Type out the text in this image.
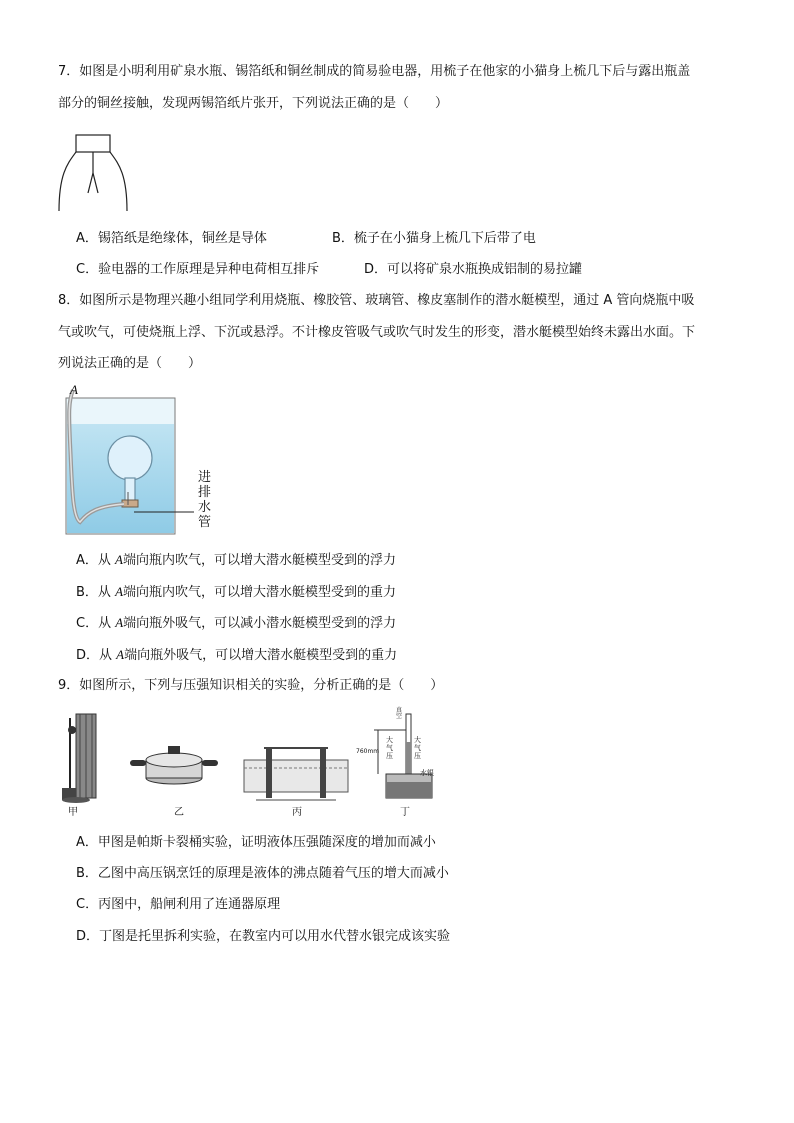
7．如图是小明利用矿泉水瓶、锡箔纸和铜丝制成的简易验电器，用梳子在他家的小猫身上梳几下后与露出瓶盖
部分的铜丝接触，发现两锡箔纸片张开，下列说法正确的是（　　）
A．锡箔纸是绝缘体，铜丝是导体	B．梳子在小猫身上梳几下后带了电
C．验电器的工作原理是异种电荷相互排斥	D．可以将矿泉水瓶换成铝制的易拉罐
8．如图所示是物理兴趣小组同学利用烧瓶、橡胶管、玻璃管、橡皮塞制作的潜水艇模型，通过 A 管向烧瓶中吸
气或吹气，可使烧瓶上浮、下沉或悬浮。不计橡皮管吸气或吹气时发生的形变，潜水艇模型始终未露出水面。下
列说法正确的是（　　）
A
进
排
水
管
A．从 A端向瓶内吹气，可以增大潜水艇模型受到的浮力
B．从 A端向瓶内吹气，可以增大潜水艇模型受到的重力
C．从 A端向瓶外吸气，可以减小潜水艇模型受到的浮力
D．从 A端向瓶外吸气，可以增大潜水艇模型受到的重力
9．如图所示，下列与压强知识相关的实验，分析正确的是（　　）
甲	乙	丙	丁
真空
760mm
大气压
大气压
水银
A．甲图是帕斯卡裂桶实验，证明液体压强随深度的增加而减小
B．乙图中高压锅烹饪的原理是液体的沸点随着气压的增大而减小
C．丙图中，船闸利用了连通器原理
D．丁图是托里拆利实验，在教室内可以用水代替水银完成该实验
